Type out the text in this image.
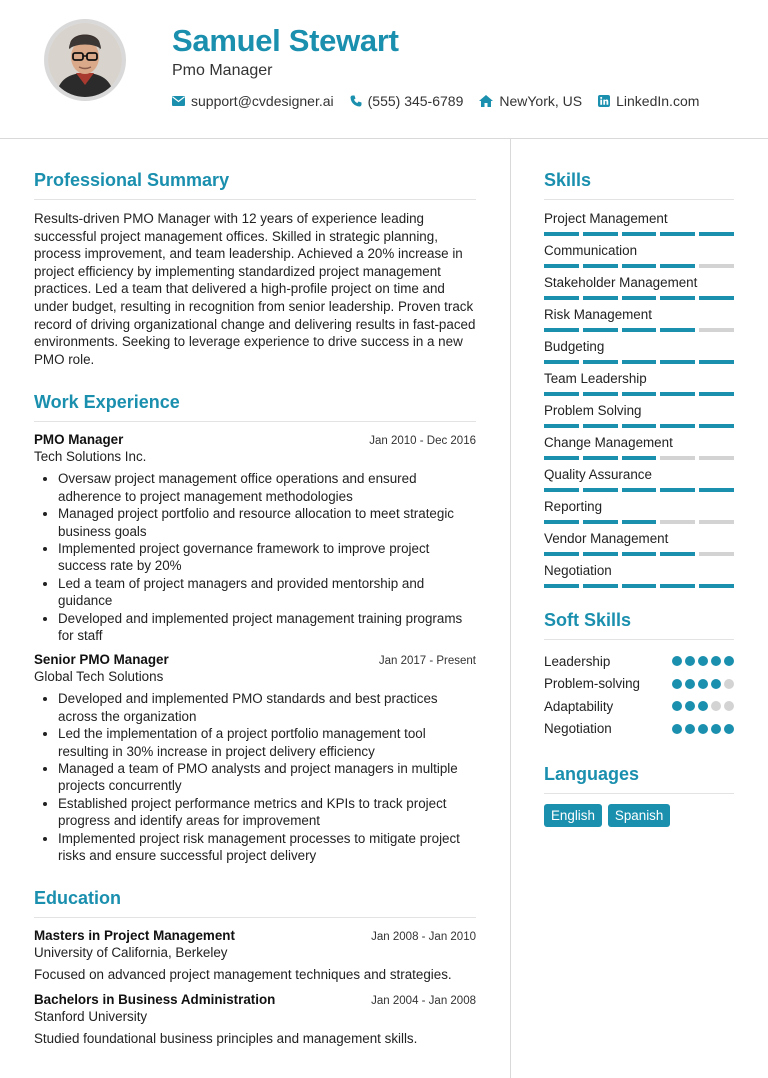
Samuel Stewart
Pmo Manager
support@cvdesigner.ai (555) 345-6789	NewYork, US LinkedIn.com
Professional Summary

Results-driven PMO Manager with 12 years of experience leading successful project management offices. Skilled in strategic planning, process improvement, and team leadership. Achieved a 20% increase in project efficiency by implementing standardized project management practices. Led a team that delivered a high-profile project on time and under budget, resulting in recognition from senior leadership. Proven track record of driving organizational change and delivering results in fast-paced environments. Seeking to leverage experience to drive success in a new PMO role.

Work Experience
PMO Manager	Jan 2010 - Dec 2016
Tech Solutions Inc.
• Oversaw project management office operations and ensured adherence to project management methodologies
• Managed project portfolio and resource allocation to meet strategic business goals
• Implemented project governance framework to improve project success rate by 20%
• Led a team of project managers and provided mentorship and guidance
• Developed and implemented project management training programs for staff
Senior PMO Manager	Jan 2017 - Present
Global Tech Solutions
• Developed and implemented PMO standards and best practices across the organization
• Led the implementation of a project portfolio management tool resulting in 30% increase in project delivery efficiency
• Managed a team of PMO analysts and project managers in multiple projects concurrently
• Established project performance metrics and KPIs to track project progress and identify areas for improvement
• Implemented project risk management processes to mitigate project risks and ensure successful project delivery
Education
Masters in Project Management	Jan 2008 - Jan 2010
University of California, Berkeley
Focused on advanced project management techniques and strategies.
Bachelors in Business Administration	Jan 2004 - Jan 2008
Stanford University
Studied foundational business principles and management skills.
Skills
Project Management
Communication
Stakeholder Management
Risk Management
Budgeting
Team Leadership
Problem Solving
Change Management
Quality Assurance
Reporting
Vendor Management
Negotiation
Soft Skills
Leadership
Problem-solving
Adaptability
Negotiation
Languages
English	Spanish
